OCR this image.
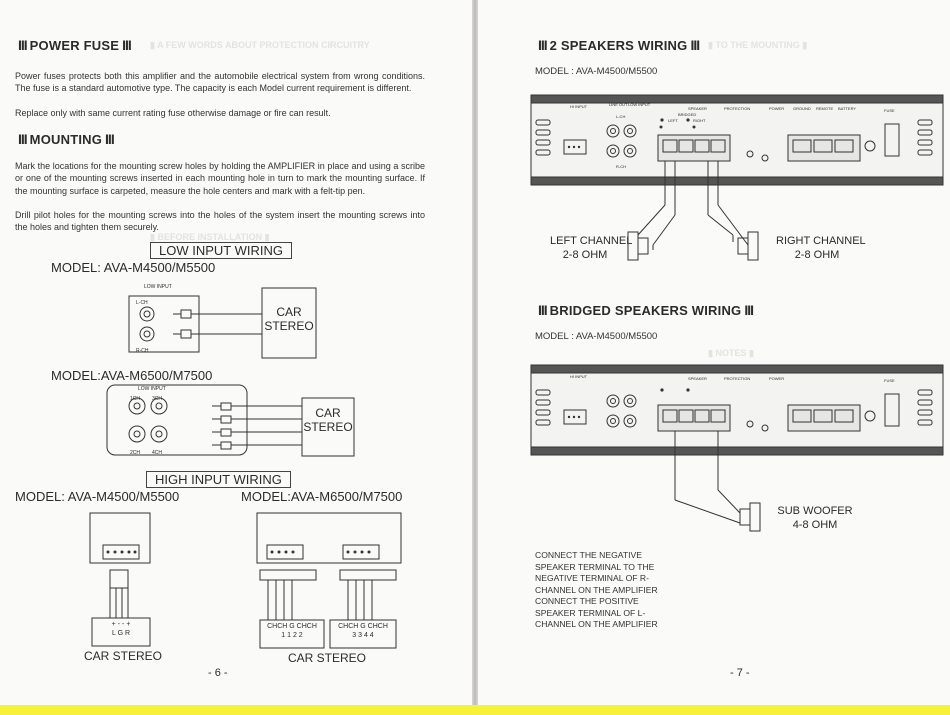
▮ A FEW WORDS ABOUT PROTECTION CIRCUITRY
▮ BEFORE INSTALLATION ▮
III POWER FUSE III
Power fuses protects both this amplifier and the automobile electrical system from wrong conditions. The fuse is a standard automotive type. The capacity is each Model current requirement is different.
Replace only with same current rating fuse otherwise damage or fire can result.
III MOUNTING III
Mark the locations for the mounting screw holes by holding the AMPLIFIER in place and using a scribe or one of the mounting screws inserted in each mounting hole in turn to mark the mounting surface. If the mounting surface is carpeted, measure the hole centers and mark with a felt-tip pen.
Drill pilot holes for the mounting screws into the holes of the system insert the mounting screws into the holes and tighten them securely.
LOW INPUT WIRING
MODEL: AVA-M4500/M5500
LOW INPUT
L-CH
R-CH
CAR
STEREO
MODEL:AVA-M6500/M7500
LOW INPUT
1CH 3CH
2CH 4CH
CAR
STEREO
HIGH INPUT WIRING
MODEL: AVA-M4500/M5500	MODEL:AVA-M6500/M7500
+ - - +
L G R
CHCH G CHCH
1 1 2 2
CHCH G CHCH
3 3 4 4
CAR STEREO	CAR STEREO
- 6 -
▮ TO THE MOUNTING ▮
▮ NOTES ▮
III 2 SPEAKERS WIRING III
MODEL : AVA-M4500/M5500
HI INPUT	LINE OUT LOW INPUT
L-CH
R-CH
SPEAKER
BRIDGED
LEFT	RIGHT
PROTECTION	POWER GROUND REMOTE BATTERY	FUSE
LEFT CHANNEL
2-8 OHM
RIGHT CHANNEL
2-8 OHM
III BRIDGED SPEAKERS WIRING III
MODEL : AVA-M4500/M5500
HI INPUT	SPEAKER	PROTECTION	POWER	FUSE
SUB WOOFER
4-8 OHM
CONNECT THE NEGATIVE SPEAKER TERMINAL TO THE NEGATIVE TERMINAL OF R-CHANNEL ON THE AMPLIFIER CONNECT THE POSITIVE SPEAKER TERMINAL OF L-CHANNEL ON THE AMPLIFIER
- 7 -
